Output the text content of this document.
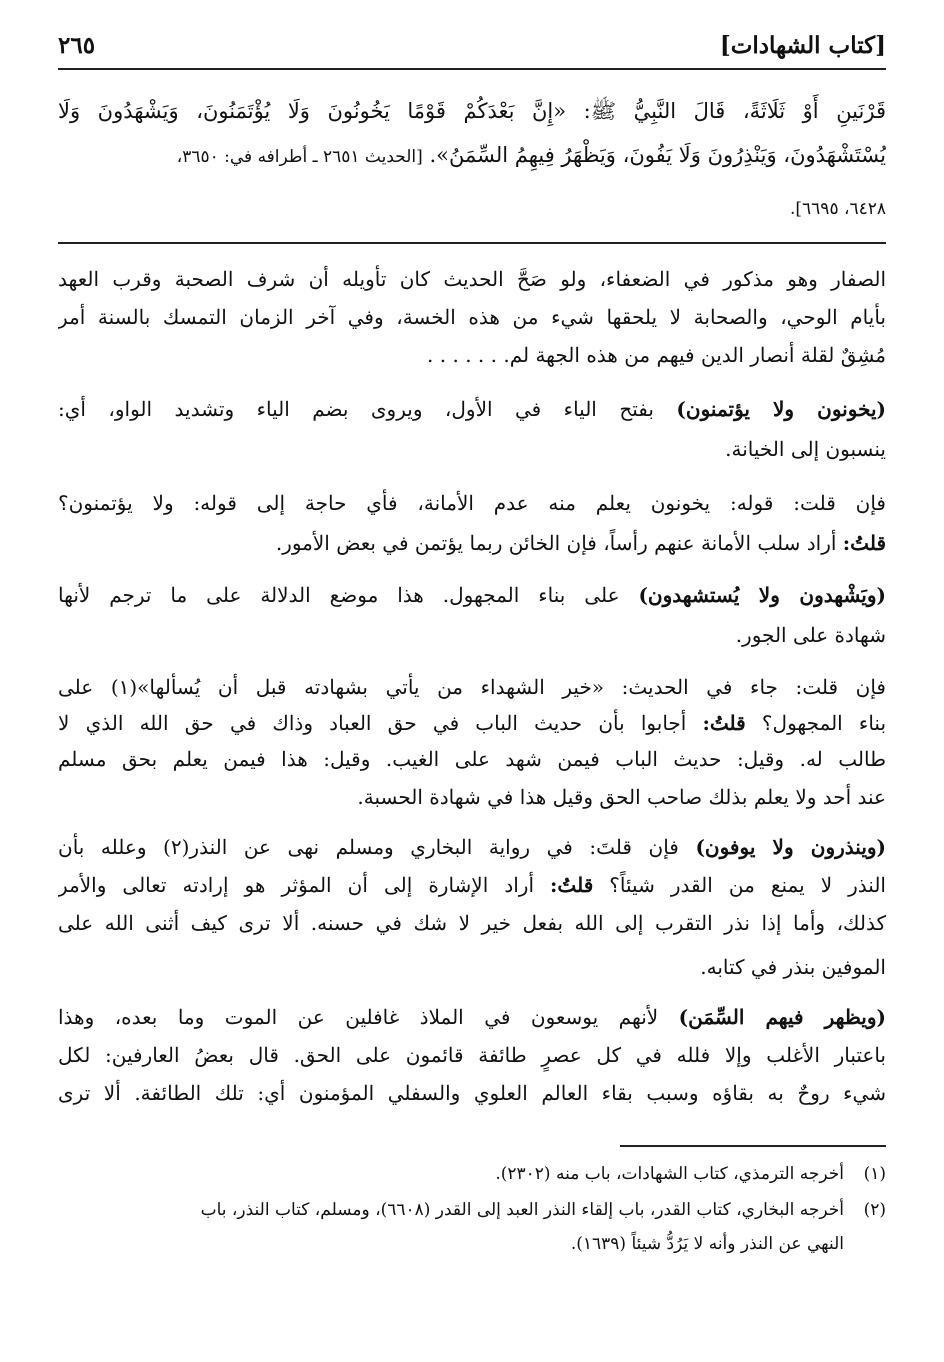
[كتاب الشهادات]
٢٦٥
قَرْنَينِ أَوْ ثَلَاثَةً، قَالَ النَّبِيُّ ﷺ: «إِنَّ بَعْدَكُمْ قَوْمًا يَخُونُونَ وَلَا يُؤْتَمَنُونَ، وَيَشْهَدُونَ وَلَا
يُسْتَشْهَدُونَ، وَيَنْذِرُونَ وَلَا يَفُونَ، وَيَظْهَرُ فِيهِمُ السِّمَنُ». [الحديث ٢٦٥١ ـ أطرافه في: ٣٦٥٠،
٦٤٢٨، ٦٦٩٥].
الصفار وهو مذكور في الضعفاء، ولو صَحَّ الحديث كان تأويله أن شرف الصحبة وقرب العهد
بأيام الوحي، والصحابة لا يلحقها شيء من هذه الخسة، وفي آخر الزمان التمسك بالسنة أمر
مُشِقٌ لقلة أنصار الدين فيهم من هذه الجهة لم. . . . . . .
(يخونون ولا يؤتمنون) بفتح الياء في الأول، ويروى بضم الياء وتشديد الواو، أي:
ينسبون إلى الخيانة.
فإن قلت: قوله: يخونون يعلم منه عدم الأمانة، فأي حاجة إلى قوله: ولا يؤتمنون؟
قلتُ: أراد سلب الأمانة عنهم رأساً، فإن الخائن ربما يؤتمن في بعض الأمور.
(ويَشْهدون ولا يُستشهدون) على بناء المجهول. هذا موضع الدلالة على ما ترجم لأنها
شهادة على الجور.
فإن قلت: جاء في الحديث: «خير الشهداء من يأتي بشهادته قبل أن يُسألها»(١) على
بناء المجهول؟ قلتُ: أجابوا بأن حديث الباب في حق العباد وذاك في حق الله الذي لا
طالب له. وقيل: حديث الباب فيمن شهد على الغيب. وقيل: هذا فيمن يعلم بحق مسلم
عند أحد ولا يعلم بذلك صاحب الحق وقيل هذا في شهادة الحسبة.
(وينذرون ولا يوفون) فإن قلتَ: في رواية البخاري ومسلم نهى عن النذر(٢) وعلله بأن
النذر لا يمنع من القدر شيئاً؟ قلتُ: أراد الإشارة إلى أن المؤثر هو إرادته تعالى والأمر
كذلك، وأما إذا نذر التقرب إلى الله بفعل خير لا شك في حسنه. ألا ترى كيف أثنى الله على
الموفين بنذر في كتابه.
(ويظهر فيهم السِّمَن) لأنهم يوسعون في الملاذ غافلين عن الموت وما بعده، وهذا
باعتبار الأغلب وإلا فلله في كل عصرٍ طائفة قائمون على الحق. قال بعضُ العارفين: لكل
شيء روحٌ به بقاؤه وسبب بقاء العالم العلوي والسفلي المؤمنون أي: تلك الطائفة. ألا ترى
(١)أخرجه الترمذي، كتاب الشهادات، باب منه (٢٣٠٢).
(٢)أخرجه البخاري، كتاب القدر، باب إلقاء النذر العبد إلى القدر (٦٦٠٨)، ومسلم، كتاب النذر، باب
النهي عن النذر وأنه لا يَرُدُّ شيئاً (١٦٣٩).
